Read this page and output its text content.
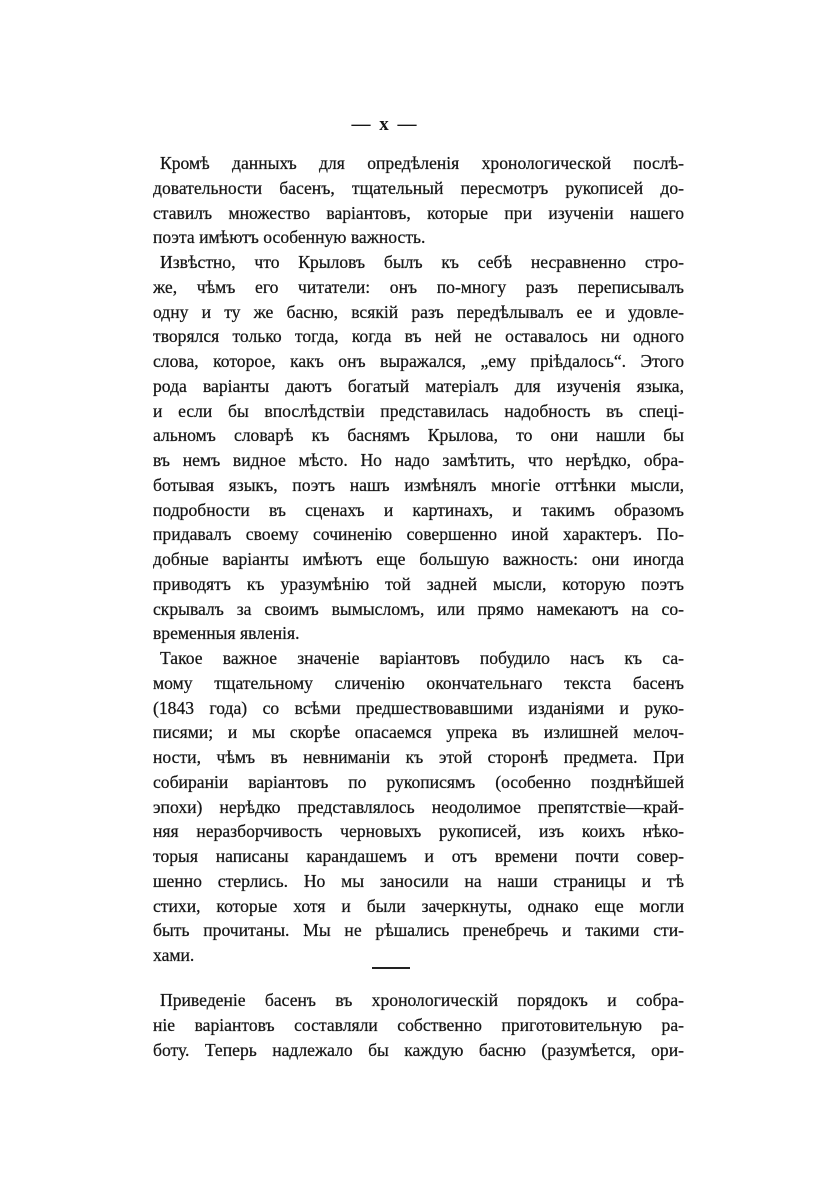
— x —
Кромѣ данныхъ для опредѣленія хронологической послѣ-
довательности басенъ, тщательный пересмотръ рукописей до-
ставилъ множество варіантовъ, которые при изученіи нашего
поэта имѣютъ особенную важность.
Извѣстно, что Крыловъ былъ къ себѣ несравненно стро-
же, чѣмъ его читатели: онъ по-многу разъ переписывалъ
одну и ту же басню, всякій разъ передѣлывалъ ее и удовле-
творялся только тогда, когда въ ней не оставалось ни одного
слова, которое, какъ онъ выражался, „ему пріѣдалось“. Этого
рода варіанты даютъ богатый матеріалъ для изученія языка,
и если бы впослѣдствіи представилась надобность въ спеці-
альномъ словарѣ къ баснямъ Крылова, то они нашли бы
въ немъ видное мѣсто. Но надо замѣтить, что нерѣдко, обра-
ботывая языкъ, поэтъ нашъ измѣнялъ многіе оттѣнки мысли,
подробности въ сценахъ и картинахъ, и такимъ образомъ
придавалъ своему сочиненію совершенно иной характеръ. По-
добные варіанты имѣютъ еще большую важность: они иногда
приводятъ къ уразумѣнію той задней мысли, которую поэтъ
скрывалъ за своимъ вымысломъ, или прямо намекаютъ на со-
временныя явленія.
Такое важное значеніе варіантовъ побудило насъ къ са-
мому тщательному сличенію окончательнаго текста басенъ
(1843 года) со всѣми предшествовавшими изданіями и руко-
писями; и мы скорѣе опасаемся упрека въ излишней мелоч-
ности, чѣмъ въ невниманіи къ этой сторонѣ предмета. При
собираніи варіантовъ по рукописямъ (особенно позднѣйшей
эпохи) нерѣдко представлялось неодолимое препятствіе—край-
няя неразборчивость черновыхъ рукописей, изъ коихъ нѣко-
торыя написаны карандашемъ и отъ времени почти совер-
шенно стерлись. Но мы заносили на наши страницы и тѣ
стихи, которые хотя и были зачеркнуты, однако еще могли
быть прочитаны. Мы не рѣшались пренебречь и такими сти-
хами.
Приведеніе басенъ въ хронологическій порядокъ и собра-
ніе варіантовъ составляли собственно приготовительную ра-
боту. Теперь надлежало бы каждую басню (разумѣется, ори-
